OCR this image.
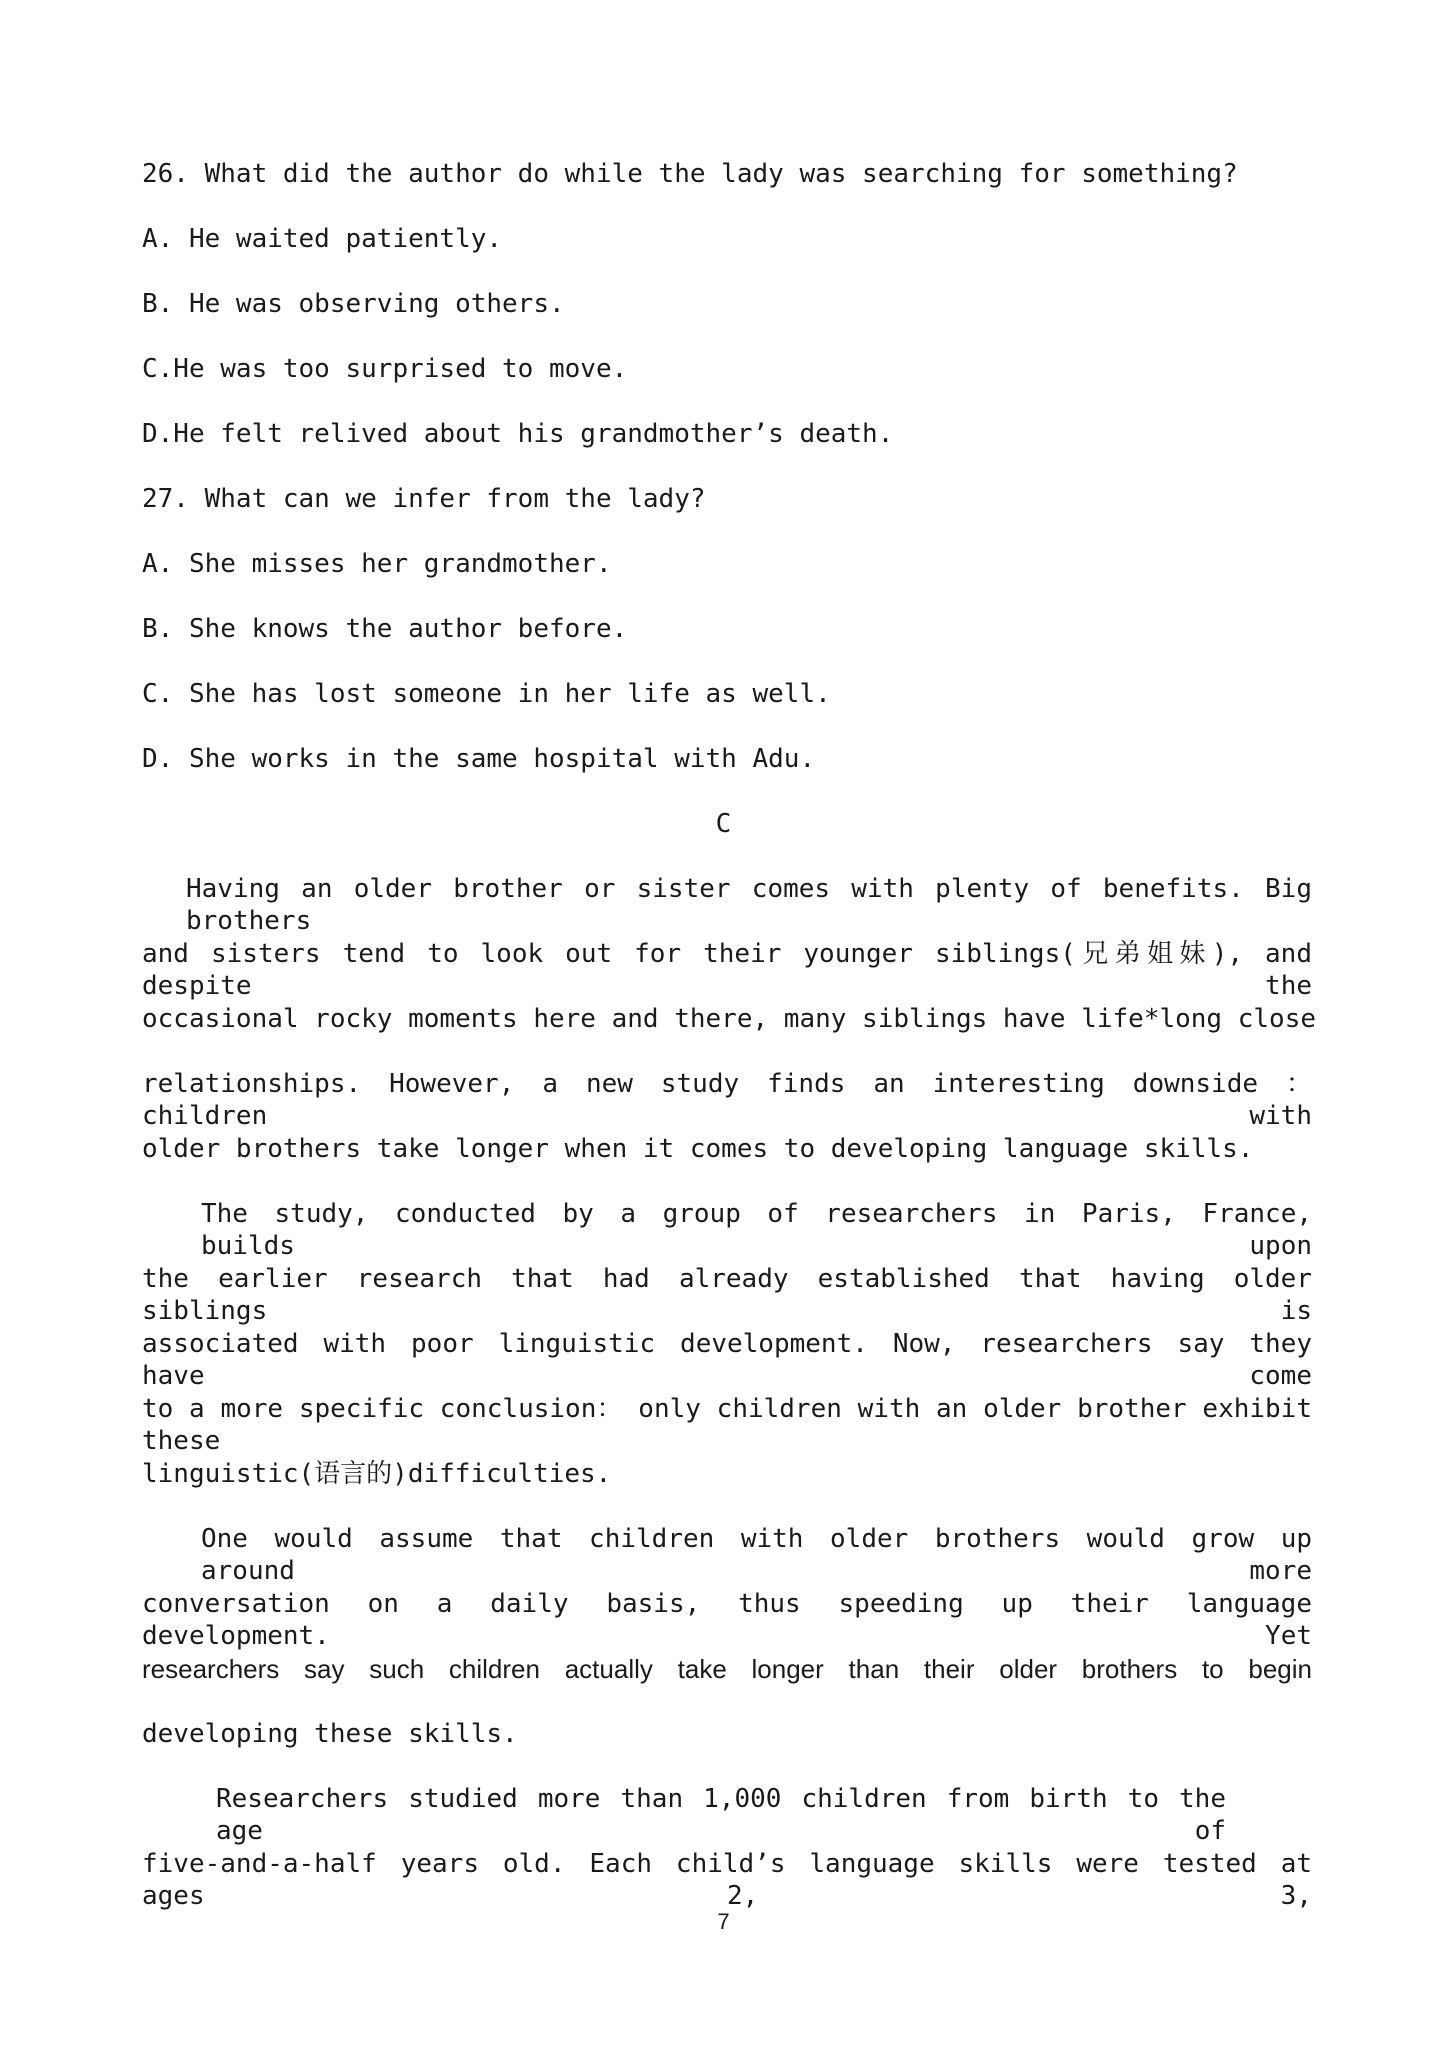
26. What did the author do while the lady was searching for something?
A. He waited patiently.
B. He was observing others.
C.He was too surprised to move.
D.He felt relived about his grandmother’s death.
27. What can we infer from the lady?
A. She misses her grandmother.
B. She knows the author before.
C. She has lost someone in her life as well.
D. She works in the same hospital with Adu.
C
Having an older brother or sister comes with plenty of benefits. Big brothers
and sisters tend to look out for their younger siblings(兄弟姐妹), and despite the
occasional rocky moments here and there, many siblings have life*long close
relationships. However, a new study finds an interesting downside ： children with
older brothers take longer when it comes to developing language skills.
The study, conducted by a group of researchers in Paris, France, builds upon
the earlier research that had already established that having older siblings is
associated with poor linguistic development. Now, researchers say they have come
to a more specific conclusion： only children with an older brother exhibit these
linguistic(语言的)difficulties.
One would assume that children with older brothers would grow up around more
conversation on a daily basis, thus speeding up their language development. Yet
researchers say such children actually take longer than their older brothers to begin
developing these skills.
Researchers studied more than 1,000 children from birth to the age of
five-and-a-half years old. Each child’s language skills were tested at ages 2, 3,
7
